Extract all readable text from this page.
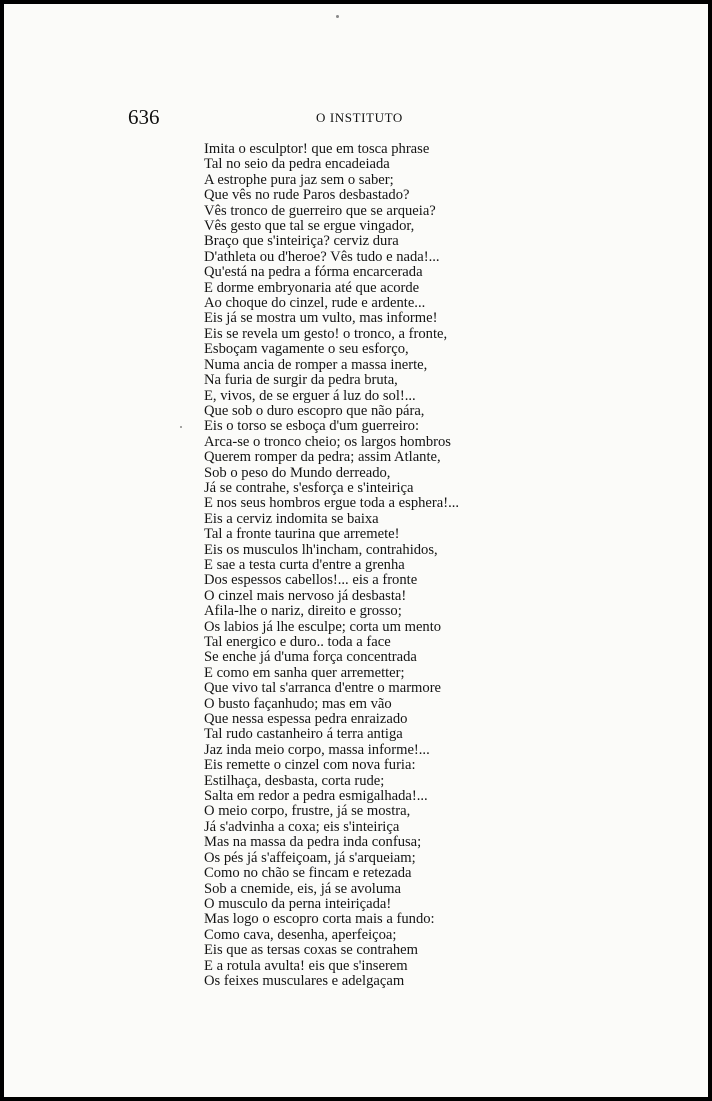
636	O INSTITUTO
Imita o esculptor! que em tosca phrase
Tal no seio da pedra encadeiada
A estrophe pura jaz sem o saber;
Que vês no rude Paros desbastado?
Vês tronco de guerreiro que se arqueia?
Vês gesto que tal se ergue vingador,
Braço que s'inteiriça? cerviz dura
D'athleta ou d'heroe? Vês tudo e nada!...
Qu'está na pedra a fórma encarcerada
E dorme embryonaria até que acorde
Ao choque do cinzel, rude e ardente...
Eis já se mostra um vulto, mas informe!
Eis se revela um gesto! o tronco, a fronte,
Esboçam vagamente o seu esforço,
Numa ancia de romper a massa inerte,
Na furia de surgir da pedra bruta,
E, vivos, de se erguer á luz do sol!...
Que sob o duro escopro que não pára,
Eis o torso se esboça d'um guerreiro:
Arca-se o tronco cheio; os largos hombros
Querem romper da pedra; assim Atlante,
Sob o peso do Mundo derreado,
Já se contrahe, s'esforça e s'inteiriça
E nos seus hombros ergue toda a esphera!...
Eis a cerviz indomita se baixa
Tal a fronte taurina que arremete!
Eis os musculos lh'incham, contrahidos,
E sae a testa curta d'entre a grenha
Dos espessos cabellos!... eis a fronte
O cinzel mais nervoso já desbasta!
Afila-lhe o nariz, direito e grosso;
Os labios já lhe esculpe; corta um mento
Tal energico e duro.. toda a face
Se enche já d'uma força concentrada
E como em sanha quer arremetter;
Que vivo tal s'arranca d'entre o marmore
O busto façanhudo; mas em vão
Que nessa espessa pedra enraizado
Tal rudo castanheiro á terra antiga
Jaz inda meio corpo, massa informe!...
Eis remette o cinzel com nova furia:
Estilhaça, desbasta, corta rude;
Salta em redor a pedra esmigalhada!...
O meio corpo, frustre, já se mostra,
Já s'advinha a coxa; eis s'inteiriça
Mas na massa da pedra inda confusa;
Os pés já s'affeiçoam, já s'arqueiam;
Como no chão se fincam e retezada
Sob a cnemide, eis, já se avoluma
O musculo da perna inteiriçada!
Mas logo o escopro corta mais a fundo:
Como cava, desenha, aperfeiçoa;
Eis que as tersas coxas se contrahem
E a rotula avulta! eis que s'inserem
Os feixes musculares e adelgaçam
